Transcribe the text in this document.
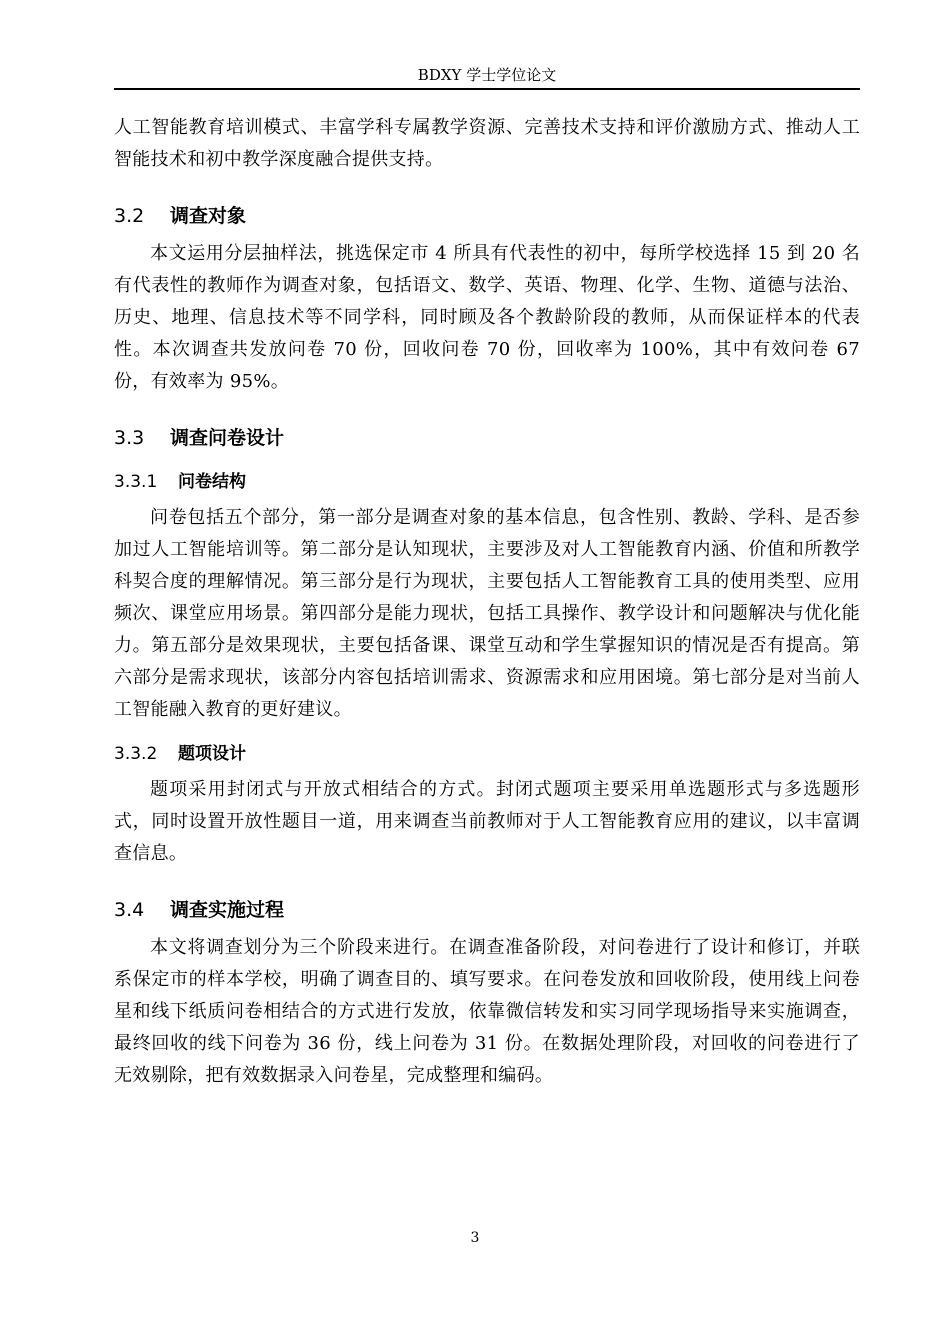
BDXY 学士学位论文

人工智能教育培训模式、丰富学科专属教学资源、完善技术支持和评价激励方式、推动人工智能技术和初中教学深度融合提供支持。

3.2 调查对象

本文运用分层抽样法，挑选保定市 4 所具有代表性的初中，每所学校选择 15 到 20 名有代表性的教师作为调查对象，包括语文、数学、英语、物理、化学、生物、道德与法治、历史、地理、信息技术等不同学科，同时顾及各个教龄阶段的教师，从而保证样本的代表性。本次调查共发放问卷 70 份，回收问卷 70 份，回收率为 100%，其中有效问卷 67 份，有效率为 95%。

3.3 调查问卷设计
3.3.1 问卷结构

问卷包括五个部分，第一部分是调查对象的基本信息，包含性别、教龄、学科、是否参加过人工智能培训等。第二部分是认知现状，主要涉及对人工智能教育内涵、价值和所教学科契合度的理解情况。第三部分是行为现状，主要包括人工智能教育工具的使用类型、应用频次、课堂应用场景。第四部分是能力现状，包括工具操作、教学设计和问题解决与优化能力。第五部分是效果现状，主要包括备课、课堂互动和学生掌握知识的情况是否有提高。第六部分是需求现状，该部分内容包括培训需求、资源需求和应用困境。第七部分是对当前人工智能融入教育的更好建议。

3.3.2 题项设计

题项采用封闭式与开放式相结合的方式。封闭式题项主要采用单选题形式与多选题形式，同时设置开放性题目一道，用来调查当前教师对于人工智能教育应用的建议，以丰富调查信息。

3.4 调查实施过程

本文将调查划分为三个阶段来进行。在调查准备阶段，对问卷进行了设计和修订，并联系保定市的样本学校，明确了调查目的、填写要求。在问卷发放和回收阶段，使用线上问卷星和线下纸质问卷相结合的方式进行发放，依靠微信转发和实习同学现场指导来实施调查，最终回收的线下问卷为 36 份，线上问卷为 31 份。在数据处理阶段，对回收的问卷进行了无效剔除，把有效数据录入问卷星，完成整理和编码。

3
